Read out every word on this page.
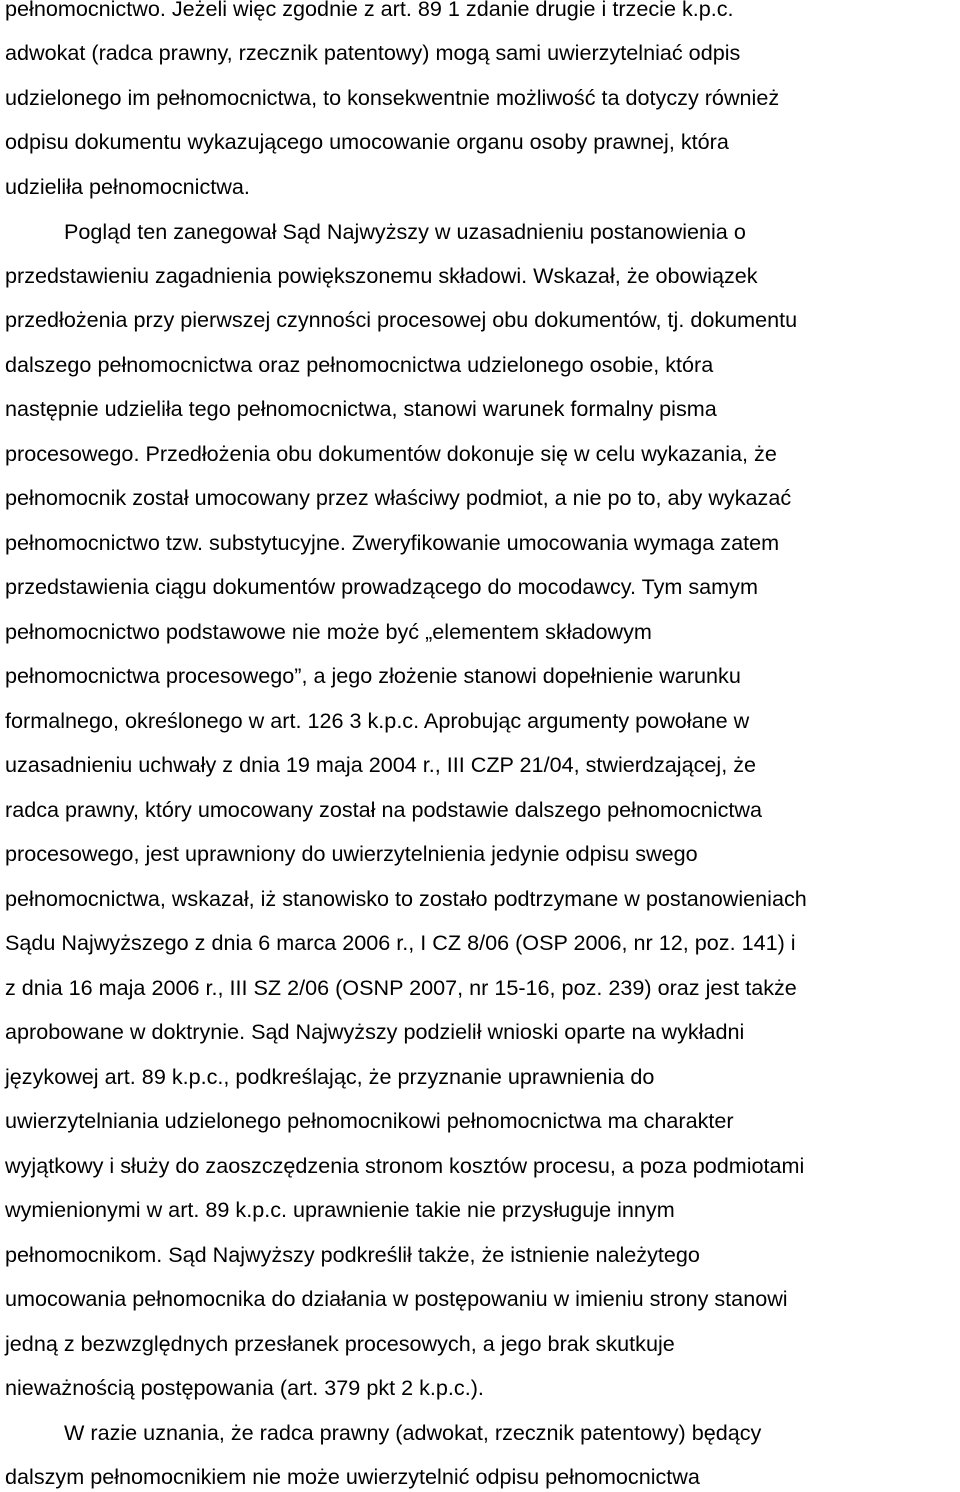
pełnomocnictwo. Jeżeli więc zgodnie z art. 89 1 zdanie drugie i trzecie k.p.c.
adwokat (radca prawny, rzecznik patentowy) mogą sami uwierzytelniać odpis
udzielonego im pełnomocnictwa, to konsekwentnie możliwość ta dotyczy również
odpisu dokumentu wykazującego umocowanie organu osoby prawnej, która
udzieliła pełnomocnictwa.
Pogląd ten zanegował Sąd Najwyższy w uzasadnieniu postanowienia o
przedstawieniu zagadnienia powiększonemu składowi. Wskazał, że obowiązek
przedłożenia przy pierwszej czynności procesowej obu dokumentów, tj. dokumentu
dalszego pełnomocnictwa oraz pełnomocnictwa udzielonego osobie, która
następnie udzieliła tego pełnomocnictwa, stanowi warunek formalny pisma
procesowego. Przedłożenia obu dokumentów dokonuje się w celu wykazania, że
pełnomocnik został umocowany przez właściwy podmiot, a nie po to, aby wykazać
pełnomocnictwo tzw. substytucyjne. Zweryfikowanie umocowania wymaga zatem
przedstawienia ciągu dokumentów prowadzącego do mocodawcy. Tym samym
pełnomocnictwo podstawowe nie może być „elementem składowym
pełnomocnictwa procesowego”, a jego złożenie stanowi dopełnienie warunku
formalnego, określonego w art. 126 3 k.p.c. Aprobując argumenty powołane w
uzasadnieniu uchwały z dnia 19 maja 2004 r., III CZP 21/04, stwierdzającej, że
radca prawny, który umocowany został na podstawie dalszego pełnomocnictwa
procesowego, jest uprawniony do uwierzytelnienia jedynie odpisu swego
pełnomocnictwa, wskazał, iż stanowisko to zostało podtrzymane w postanowieniach
Sądu Najwyższego z dnia 6 marca 2006 r., I CZ 8/06 (OSP 2006, nr 12, poz. 141) i
z dnia 16 maja 2006 r., III SZ 2/06 (OSNP 2007, nr 15-16, poz. 239) oraz jest także
aprobowane w doktrynie. Sąd Najwyższy podzielił wnioski oparte na wykładni
językowej art. 89 k.p.c., podkreślając, że przyznanie uprawnienia do
uwierzytelniania udzielonego pełnomocnikowi pełnomocnictwa ma charakter
wyjątkowy i służy do zaoszczędzenia stronom kosztów procesu, a poza podmiotami
wymienionymi w art. 89 k.p.c. uprawnienie takie nie przysługuje innym
pełnomocnikom. Sąd Najwyższy podkreślił także, że istnienie należytego
umocowania pełnomocnika do działania w postępowaniu w imieniu strony stanowi
jedną z bezwzględnych przesłanek procesowych, a jego brak skutkuje
nieważnością postępowania (art. 379 pkt 2 k.p.c.).
W razie uznania, że radca prawny (adwokat, rzecznik patentowy) będący
dalszym pełnomocnikiem nie może uwierzytelnić odpisu pełnomocnictwa
